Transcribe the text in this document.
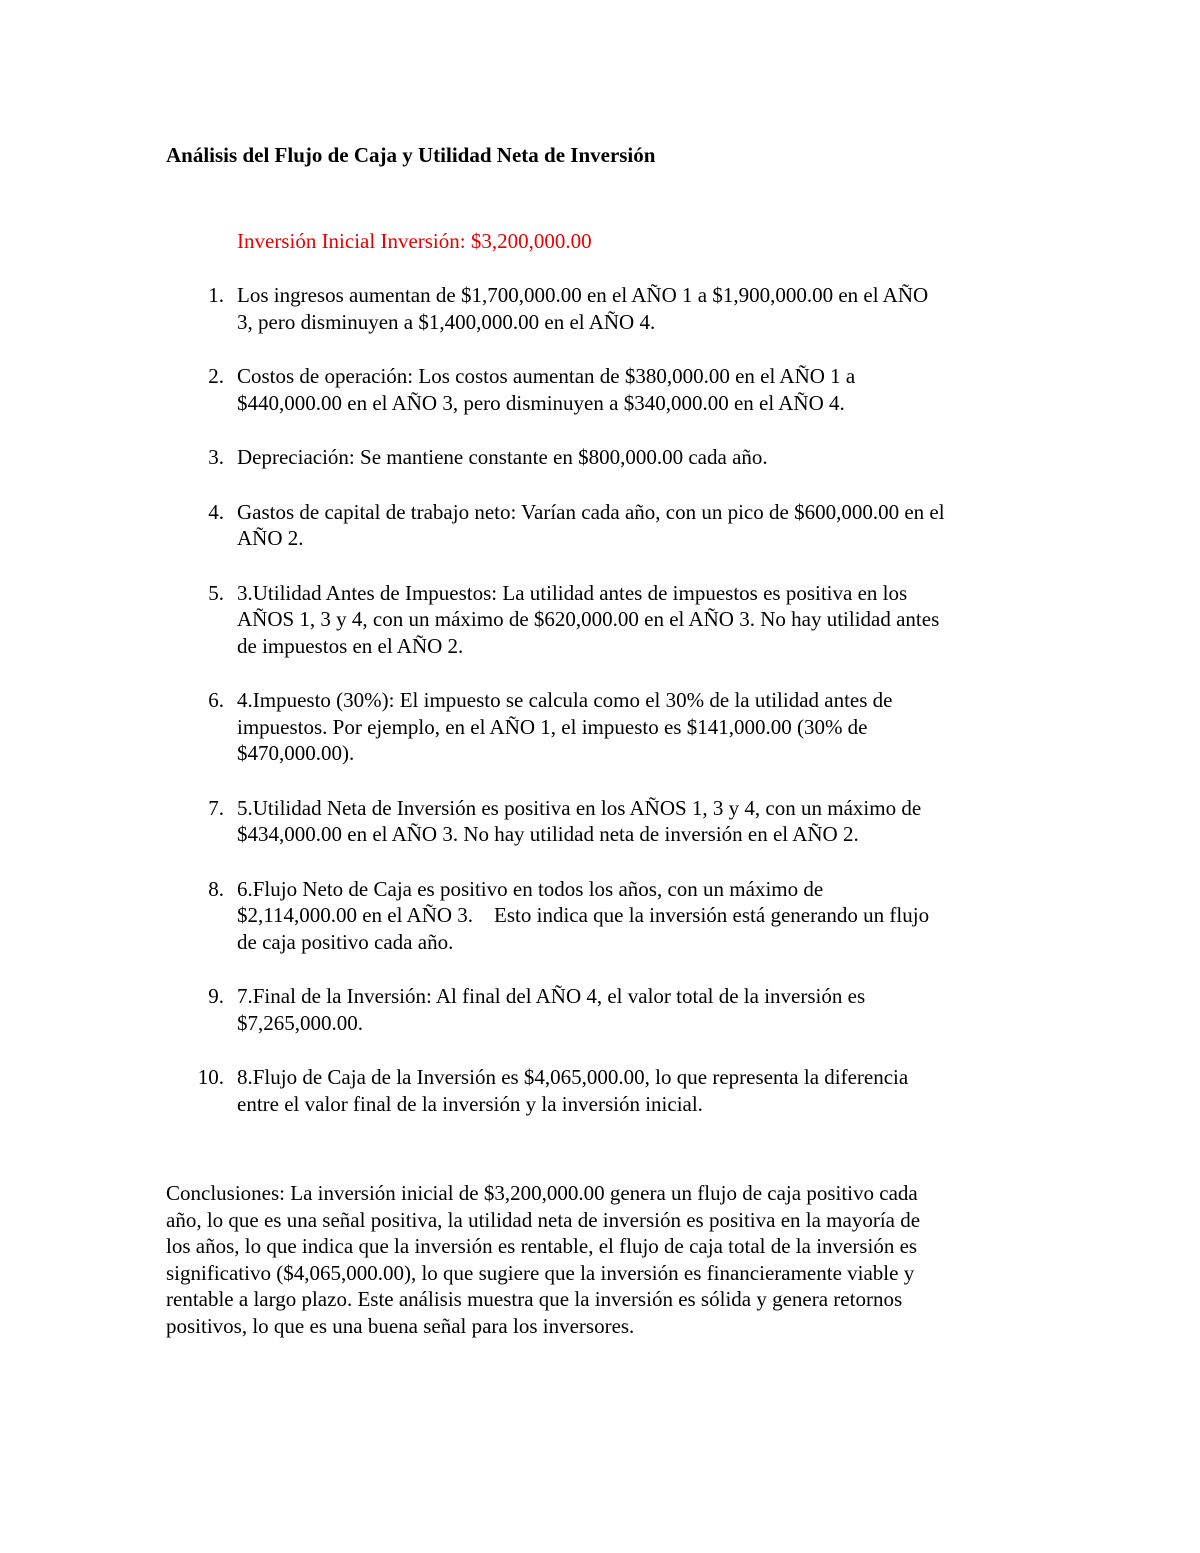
Análisis del Flujo de Caja y Utilidad Neta de Inversión

Inversión Inicial Inversión: $3,200,000.00

1. Los ingresos aumentan de $1,700,000.00 en el AÑO 1 a $1,900,000.00 en el AÑO
3, pero disminuyen a $1,400,000.00 en el AÑO 4.
2. Costos de operación: Los costos aumentan de $380,000.00 en el AÑO 1 a
$440,000.00 en el AÑO 3, pero disminuyen a $340,000.00 en el AÑO 4.
3. Depreciación: Se mantiene constante en $800,000.00 cada año.
4. Gastos de capital de trabajo neto: Varían cada año, con un pico de $600,000.00 en el
AÑO 2.
5. 3.Utilidad Antes de Impuestos: La utilidad antes de impuestos es positiva en los
AÑOS 1, 3 y 4, con un máximo de $620,000.00 en el AÑO 3. No hay utilidad antes
de impuestos en el AÑO 2.
6. 4.Impuesto (30%): El impuesto se calcula como el 30% de la utilidad antes de
impuestos. Por ejemplo, en el AÑO 1, el impuesto es $141,000.00 (30% de
$470,000.00).
7. 5.Utilidad Neta de Inversión es positiva en los AÑOS 1, 3 y 4, con un máximo de
$434,000.00 en el AÑO 3. No hay utilidad neta de inversión en el AÑO 2.
8. 6.Flujo Neto de Caja es positivo en todos los años, con un máximo de
$2,114,000.00 en el AÑO 3.    Esto indica que la inversión está generando un flujo
de caja positivo cada año.
9. 7.Final de la Inversión: Al final del AÑO 4, el valor total de la inversión es
$7,265,000.00.
10. 8.Flujo de Caja de la Inversión es $4,065,000.00, lo que representa la diferencia
entre el valor final de la inversión y la inversión inicial.
Conclusiones: La inversión inicial de $3,200,000.00 genera un flujo de caja positivo cada
año, lo que es una señal positiva, la utilidad neta de inversión es positiva en la mayoría de
los años, lo que indica que la inversión es rentable, el flujo de caja total de la inversión es
significativo ($4,065,000.00), lo que sugiere que la inversión es financieramente viable y
rentable a largo plazo. Este análisis muestra que la inversión es sólida y genera retornos
positivos, lo que es una buena señal para los inversores.
